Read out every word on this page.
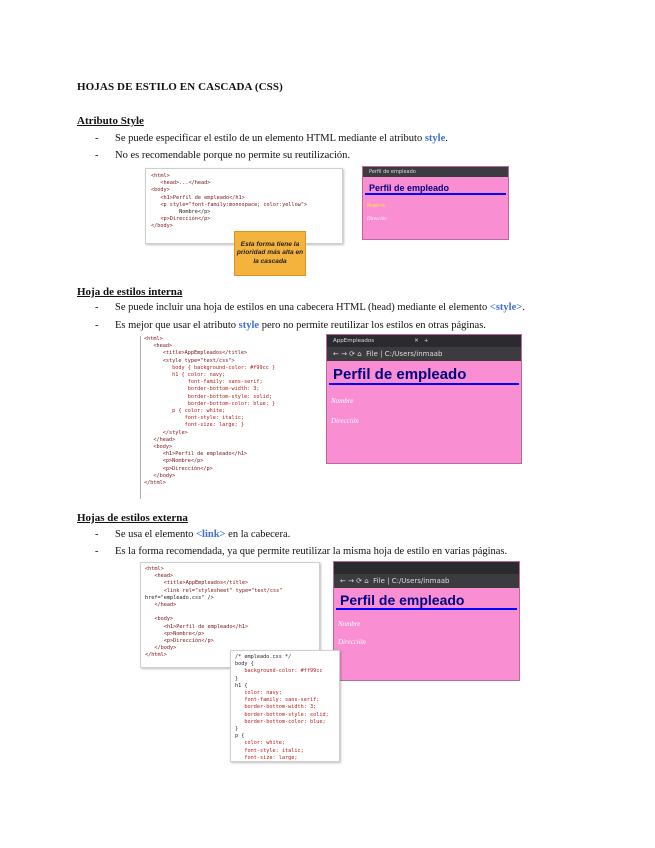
HOJAS DE ESTILO EN CASCADA (CSS)
Atributo Style
- Se puede especificar el estilo de un elemento HTML mediante el atributo style.
- No es recomendable porque no permite su reutilización.
<html>
<head>...</head>
<body>
<h1>Perfil de empleado</h1>
<p style="font-family:monospace; color:yellow">
Nombre</p>
<p>Dirección</p>
</body>
Esta forma tiene la prioridad más alta en la cascada
Perfil de empleado
Perfil de empleado
Nombre
Dirección
Hoja de estilos interna
- Se puede incluir una hoja de estilos en una cabecera HTML (head) mediante el elemento <style>.
- Es mejor que usar el atributo style pero no permite reutilizar los estilos en otras páginas.
<html>
<head>
<title>AppEmpleados</title>
<style type="text/css">
body { background-color: #f99cc }
h1 { color: navy;
font-family: sans-serif;
border-bottom-width: 3;
border-bottom-style: solid;
border-bottom-color: blue; }
p { color: white;
font-style: italic;
font-size: large; }
</style>
</head>
<body>
<h1>Perfil de empleado</h1>
<p>Nombre</p>
<p>Dirección</p>
</body>
</html>
AppEmpleados	✕   +
← → ⟳ ⌂  File | C:/Users/inmaab
Perfil de empleado
Nombre
Dirección
Hojas de estilos externa
- Se usa el elemento <link> en la cabecera.
- Es la forma recomendada, ya que permite reutilizar la misma hoja de estilo en varias páginas.
<html>
<head>
<title>AppEmpleados</title>
<link rel="stylesheet" type="text/css"
href="empleado.css" />
</head>

<body>
<h1>Perfil de empleado</h1>
<p>Nombre</p>
<p>Dirección</p>
</body>
</html>
← → ⟳ ⌂  File | C:/Users/inmaab
Perfil de empleado
Nombre
Dirección
/* empleado.css */
body {
background-color: #ff99cc
}
h1 {
color: navy;
font-family: sans-serif;
border-bottom-width: 3;
border-bottom-style: solid;
border-bottom-color: blue;
}
p {
color: white;
font-style: italic;
font-size: large;
